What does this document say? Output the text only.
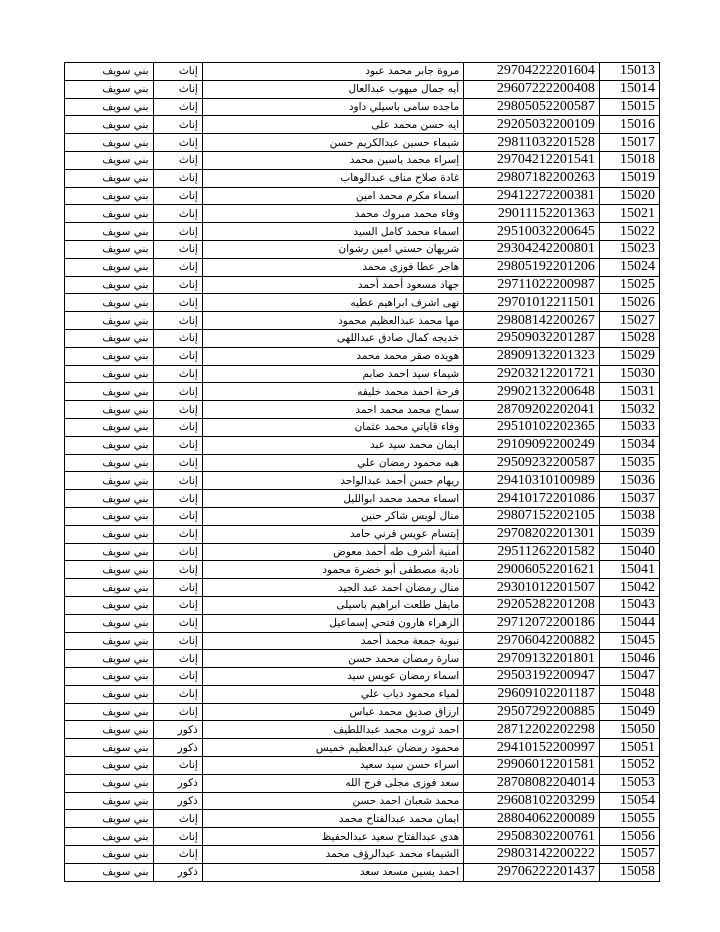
بني سويف	إناث	مروة جابر محمد عبود	29704222201604	15013
بني سويف	إناث	أيه جمال ميهوب عبدالعال	29607222200408	15014
بني سويف	إناث	ماجده سامى باسيلي داود	29805052200587	15015
بني سويف	إناث	ايه حسن محمد على	29205032200109	15016
بني سويف	إناث	شيماء حسين عبدالكريم حسن	29811032201528	15017
بني سويف	إناث	إسراء محمد ياسين محمد	29704212201541	15018
بني سويف	إناث	غادة صلاح مناف عبدالوهاب	29807182200263	15019
بني سويف	إناث	اسماء مكرم محمد امين	29412272200381	15020
بني سويف	إناث	وفاء محمد مبروك محمد	29011152201363	15021
بني سويف	إناث	اسماء محمد كامل السيد	29510032200645	15022
بني سويف	إناث	شريهان حسني امين رشوان	29304242200801	15023
بني سويف	إناث	هاجر عطا فوزى محمد	29805192201206	15024
بني سويف	إناث	جهاد مسعود أحمد أحمد	29711022200987	15025
بني سويف	إناث	نهى اشرف ابراهيم عطيه	29701012211501	15026
بني سويف	إناث	مها محمد عبدالعظيم محمود	29808142200267	15027
بني سويف	إناث	خديجه كمال صادق عبداللهى	29509032201287	15028
بني سويف	إناث	هويده صقر محمد محمد	28909132201323	15029
بني سويف	إناث	شيماء سيد احمد صابم	29203212201721	15030
بني سويف	إناث	فرحة احمد محمد خليفه	29902132200648	15031
بني سويف	إناث	سماح محمد محمد احمد	28709202202041	15032
بني سويف	إناث	وفاء قاياتي محمد عثمان	29510102202365	15033
بني سويف	إناث	ايمان محمد سيد عبد	29109092200249	15034
بني سويف	إناث	هبه محمود رمضان علي	29509232200587	15035
بني سويف	إناث	ريهام حسن أحمد عبدالواحد	29410310100989	15036
بني سويف	إناث	اسماء محمد محمد ابوالليل	29410172201086	15037
بني سويف	إناث	منال لويس شاكر حنين	29807152202105	15038
بني سويف	إناث	إبتسام عويس قرني حامد	29708202201301	15039
بني سويف	إناث	أمنية أشرف طه أحمد معوض	29511262201582	15040
بني سويف	إناث	نادية مصطفى أبو خضرة محمود	29006052201621	15041
بني سويف	إناث	منال رمضان احمد عبد الجيد	29301012201507	15042
بني سويف	إناث	مايفل طلعت ابراهيم باسيلى	29205282201208	15043
بني سويف	إناث	الزهراء هارون فتحي إسماعيل	29712072200186	15044
بني سويف	إناث	نبوية جمعة محمد أحمد	29706042200882	15045
بني سويف	إناث	سارة رمضان محمد حسن	29709132201801	15046
بني سويف	إناث	اسماء رمضان عويس سيد	29503192200947	15047
بني سويف	إناث	لمياء محمود دياب علي	29609102201187	15048
بني سويف	إناث	ارزاق صديق محمد عباس	29507292200885	15049
بني سويف	ذكور	احمد ثروت محمد عبداللطيف	28712202202298	15050
بني سويف	ذكور	محمود رمضان عبدالعظيم خميس	29410152200997	15051
بني سويف	إناث	اسراء حسن سيد سعيد	29906012201581	15052
بني سويف	ذكور	سعد فوزى مجلى فرج الله	28708082204014	15053
بني سويف	ذكور	محمد شعبان احمد حسن	29608102203299	15054
بني سويف	إناث	ايمان محمد عبدالفتاح محمد	28804062200089	15055
بني سويف	إناث	هدى عبدالفتاح سعيد عبدالحفيظ	29508302200761	15056
بني سويف	إناث	الشيماء محمد عبدالرؤف محمد	29803142200222	15057
بني سويف	ذكور	احمد يسين مسعد سعد	29706222201437	15058
